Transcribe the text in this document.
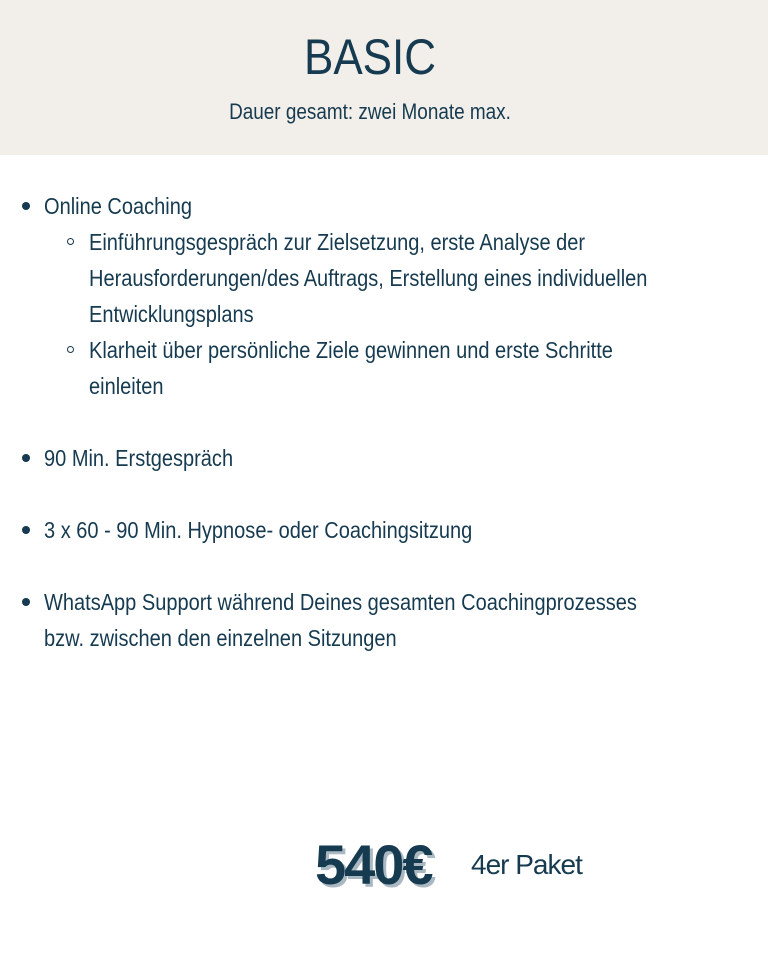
BASIC
Dauer gesamt: zwei Monate max.
Online Coaching
Einführungsgespräch zur Zielsetzung, erste Analyse der
Herausforderungen/des Auftrags, Erstellung eines individuellen
Entwicklungsplans
Klarheit über persönliche Ziele gewinnen und erste Schritte
einleiten
90 Min. Erstgespräch
3 x 60 - 90 Min. Hypnose- oder Coachingsitzung
WhatsApp Support während Deines gesamten Coachingprozesses
bzw. zwischen den einzelnen Sitzungen
540€ 4er Paket
